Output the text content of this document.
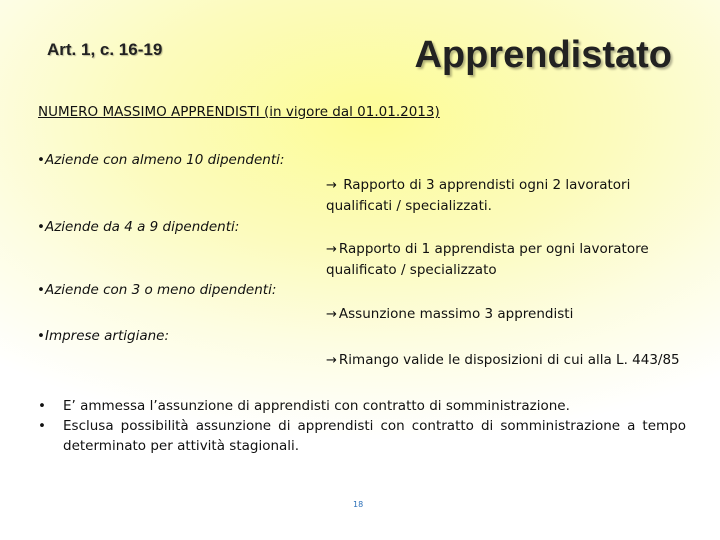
Art. 1, c. 16-19	Apprendistato
NUMERO MASSIMO APPRENDISTI (in vigore dal 01.01.2013)
•Aziende con almeno 10 dipendenti:
→ Rapporto di 3 apprendisti ogni 2 lavoratori qualificati / specializzati.
•Aziende da 4 a 9 dipendenti:
→ Rapporto di 1 apprendista per ogni lavoratore qualificato / specializzato
•Aziende con 3 o meno dipendenti:
→ Assunzione massimo 3 apprendisti
•Imprese artigiane:
→ Rimango valide le disposizioni di cui alla L. 443/85
• E’ ammessa l’assunzione di apprendisti con contratto di somministrazione.
• Esclusa possibilità assunzione di apprendisti con contratto di somministrazione a tempo determinato per attività stagionali.
18
